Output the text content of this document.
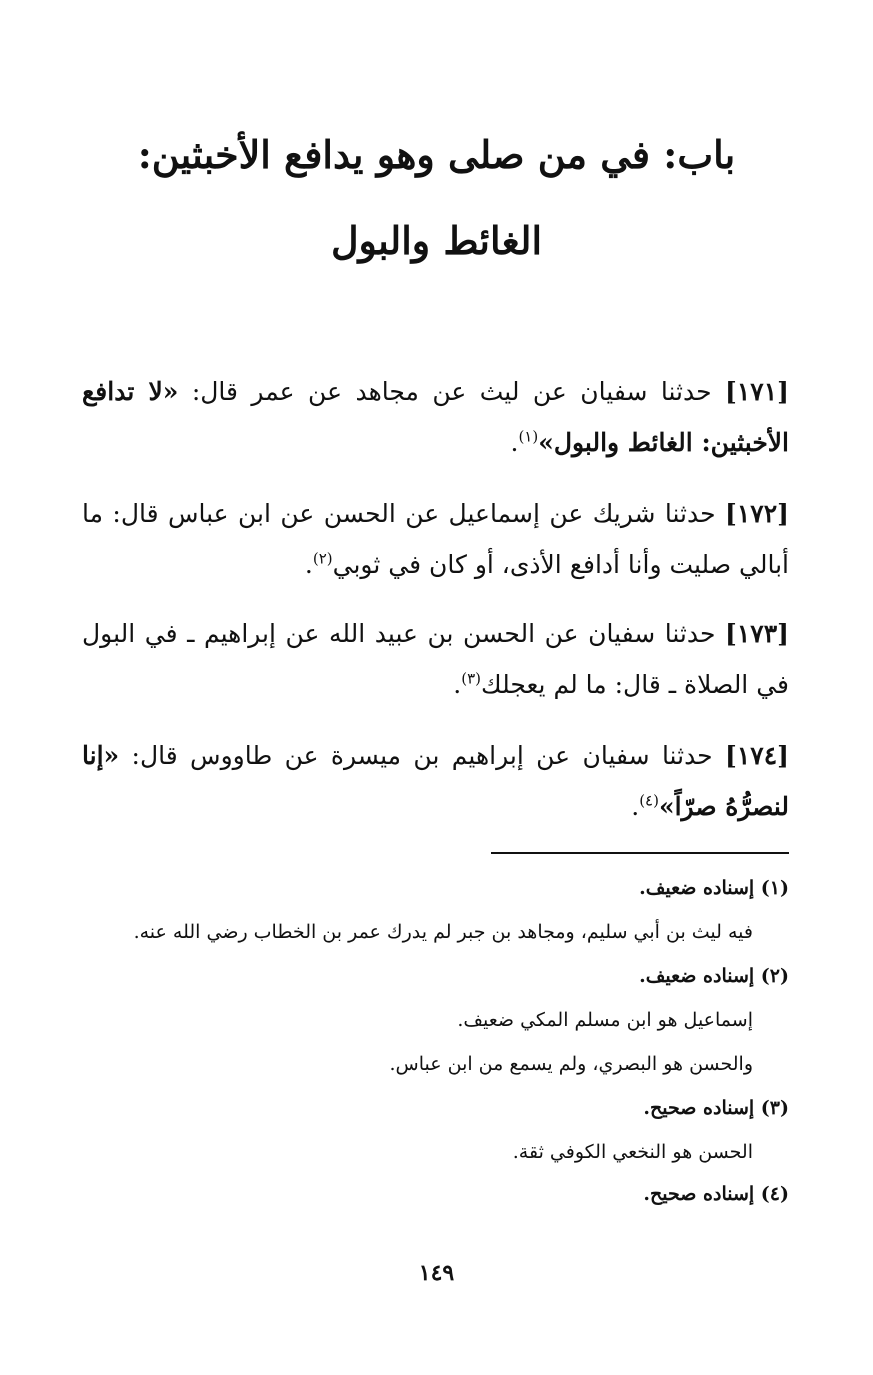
باب: في من صلى وهو يدافع الأخبثين:
الغائط والبول
[١٧١] حدثنا سفيان عن ليث عن مجاهد عن عمر قال: «لا تدافع الأخبثين: الغائط والبول»$^{(١)}$.
[١٧٢] حدثنا شريك عن إسماعيل عن الحسن عن ابن عباس قال: ما أبالي صليت وأنا أدافع الأذى، أو كان في ثوبي$^{(٢)}$.
[١٧٣] حدثنا سفيان عن الحسن بن عبيد الله عن إبراهيم ـ في البول في الصلاة ـ قال: ما لم يعجلك$^{(٣)}$.
[١٧٤] حدثنا سفيان عن إبراهيم بن ميسرة عن طاووس قال: «إنا لنصرُّهُ صرّاً»$^{(٤)}$.
(١) إسناده ضعيف.
فيه ليث بن أبي سليم، ومجاهد بن جبر لم يدرك عمر بن الخطاب رضي الله عنه.
(٢) إسناده ضعيف.
إسماعيل هو ابن مسلم المكي ضعيف.
والحسن هو البصري، ولم يسمع من ابن عباس.
(٣) إسناده صحيح.
الحسن هو النخعي الكوفي ثقة.
(٤) إسناده صحيح.
١٤٩
